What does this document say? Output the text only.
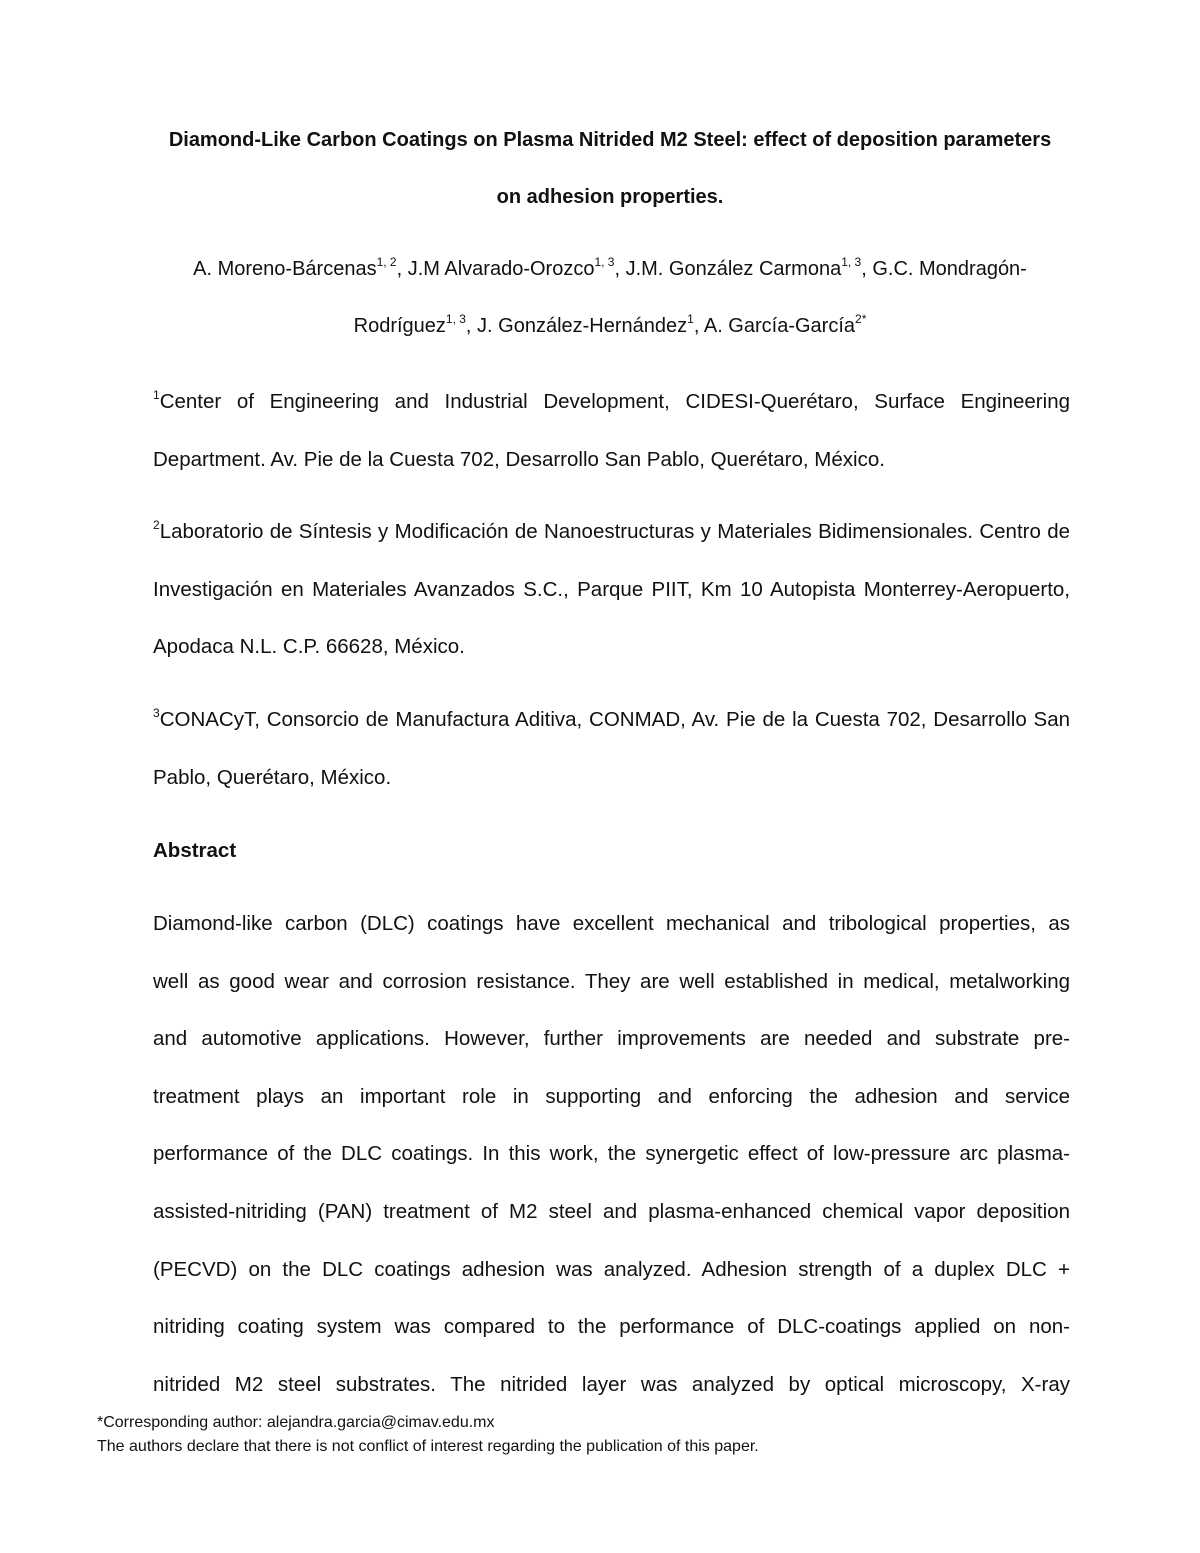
Diamond-Like Carbon Coatings on Plasma Nitrided M2 Steel: effect of deposition parameters
on adhesion properties.

A. Moreno-Bárcenas$^{1, 2}$, J.M Alvarado-Orozco$^{1, 3}$, J.M. González Carmona$^{1, 3}$, G.C. Mondragón-
Rodríguez$^{1, 3}$, J. González-Hernández$^1$, A. García-García$^{2*}$

$^1$Center of Engineering and Industrial Development, CIDESI-Querétaro, Surface Engineering Department. Av. Pie de la Cuesta 702, Desarrollo San Pablo, Querétaro, México.

$^2$Laboratorio de Síntesis y Modificación de Nanoestructuras y Materiales Bidimensionales. Centro de Investigación en Materiales Avanzados S.C., Parque PIIT, Km 10 Autopista Monterrey-Aeropuerto, Apodaca N.L. C.P. 66628, México.

$^3$CONACyT, Consorcio de Manufactura Aditiva, CONMAD, Av. Pie de la Cuesta 702, Desarrollo San Pablo, Querétaro, México.

Abstract

Diamond-like carbon (DLC) coatings have excellent mechanical and tribological properties, as
well as good wear and corrosion resistance. They are well established in medical, metalworking
and automotive applications. However, further improvements are needed and substrate pre-
treatment plays an important role in supporting and enforcing the adhesion and service
performance of the DLC coatings. In this work, the synergetic effect of low-pressure arc plasma-
assisted-nitriding (PAN) treatment of M2 steel and plasma-enhanced chemical vapor deposition
(PECVD) on the DLC coatings adhesion was analyzed. Adhesion strength of a duplex DLC +
nitriding coating system was compared to the performance of DLC-coatings applied on non-
nitrided M2 steel substrates. The nitrided layer was analyzed by optical microscopy, X-ray

*Corresponding author: alejandra.garcia@cimav.edu.mx
The authors declare that there is not conflict of interest regarding the publication of this paper.
